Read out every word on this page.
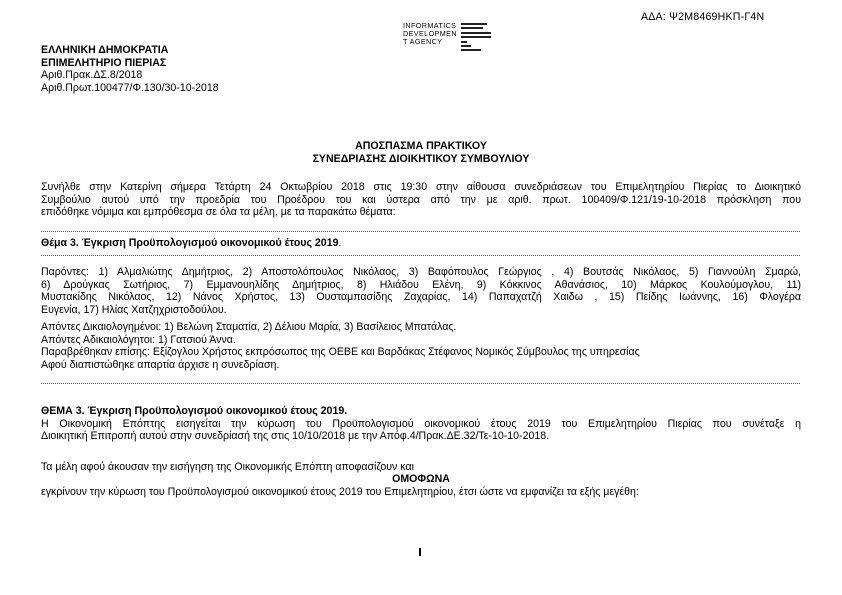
ΑΔΑ: Ψ2Μ8469ΗΚΠ-Γ4Ν
INFORMATICS
DEVELOPMEN
T AGENCY
ΕΛΛΗΝΙΚΗ ΔΗΜΟΚΡΑΤΙΑ
ΕΠΙΜΕΛΗΤΗΡΙΟ ΠΙΕΡΙΑΣ
Αριθ.Πρακ.ΔΣ.8/2018
Αριθ.Πρωτ.100477/Φ.130/30-10-2018
ΑΠΟΣΠΑΣΜΑ ΠΡΑΚΤΙΚΟΥ
ΣΥΝΕΔΡΙΑΣΗΣ ΔΙΟΙΚΗΤΙΚΟΥ ΣΥΜΒΟΥΛΙΟΥ
Συνήλθε στην Κατερίνη σήμερα Τετάρτη 24 Οκτωβρίου 2018 στις 19:30 στην αίθουσα συνεδριάσεων του Επιμελητηρίου Πιερίας το Διοικητικό
Συμβούλιο αυτού υπό την προεδρία του Προέδρου του και ύστερα από την με αριθ. πρωτ. 100409/Φ.121/19-10-2018 πρόσκληση που
επιδόθηκε νόμιμα και εμπρόθεσμα σε όλα τα μέλη, με τα παρακάτω θέματα:
Θέμα 3. Έγκριση Προϋπολογισμού οικονομικού έτους 2019.
Παρόντες: 1) Αλμαλιώτης Δημήτριος, 2) Αποστολόπουλος Νικόλαος, 3) Βαφόπουλος Γεώργιος , 4) Βουτσάς Νικόλαος, 5) Γιαννούλη Σμαρώ,
6) Δρούγκας Σωτήριος, 7) Εμμανουηλίδης Δημήτριος, 8) Ηλιάδου Ελένη, 9) Κόκκινος Αθανάσιος, 10) Μάρκος Κουλούμογλου, 11)
Μυστακίδης Νικόλαος, 12) Νάνος Χρήστος, 13) Ουσταμπασίδης Ζαχαρίας, 14) Παπαχατζή Χαιδω , 15) Πείδης Ιωάννης, 16) Φλογέρα
Ευγενία, 17) Ηλίας Χατζηχριστοδούλου.
Απόντες Δικαιολογημένοι: 1) Βελώνη Σταματία, 2) Δέλιου Μαρία, 3) Βασίλειος Μπατάλας.
Απόντες Αδικαιολόγητοι: 1) Γατσιού Άννα.
Παραβρέθηκαν επίσης: Εξίζογλου Χρήστος εκπρόσωπος της ΟΕΒΕ και Βαρδάκας Στέφανος Νομικός Σύμβουλος της υπηρεσίας
Αφού διαπιστώθηκε απαρτία άρχισε η συνεδρίαση.
ΘΕΜΑ 3. Έγκριση Προϋπολογισμού οικονομικού έτους 2019.
Η Οικονομική Επόπτης εισηγείται την κύρωση του Προϋπολογισμού οικονομικού έτους 2019 του Επιμελητηρίου Πιερίας που συνέταξε η
Διοικητική Επιτροπή αυτού στην συνεδρίασή της στις 10/10/2018 με την Απόφ.4/Πρακ.ΔΕ.32/Τε-10-10-2018.
Τα μέλη αφού άκουσαν την εισήγηση της Οικονομικής Επόπτη αποφασίζουν και
ΟΜΟΦΩΝΑ
εγκρίνουν την κύρωση του Προϋπολογισμού οικονομικού έτους 2019 του Επιμελητηρίου, έτσι ώστε να εμφανίζει τα εξής μεγέθη:
